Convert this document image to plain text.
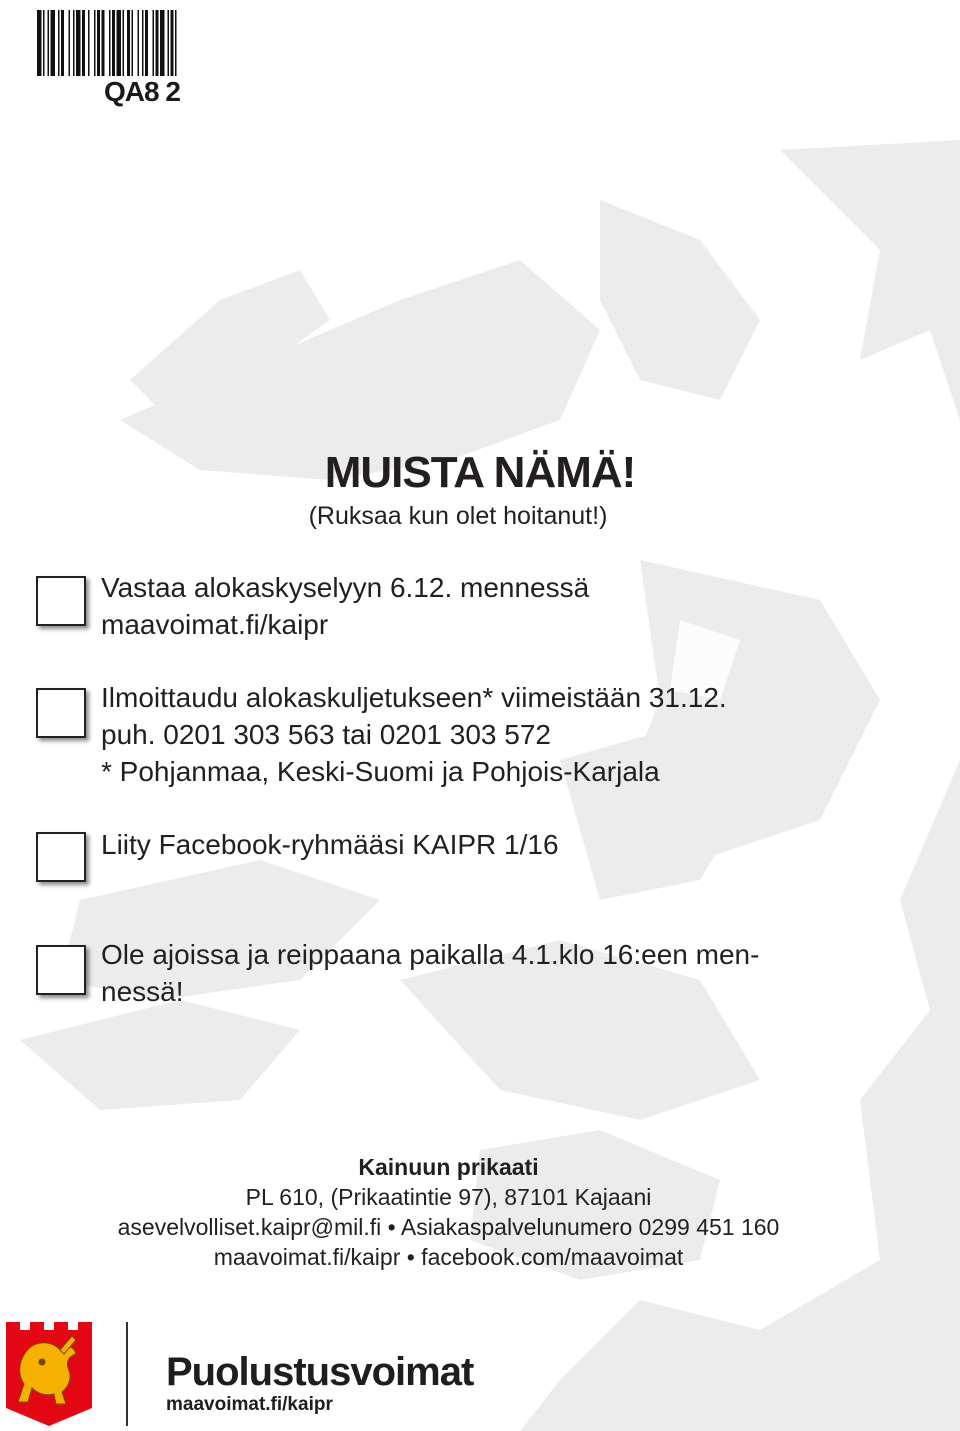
QA8 2
MUISTA NÄMÄ!
(Ruksaa kun olet hoitanut!)
Vastaa alokaskyselyyn 6.12. mennessä
maavoimat.fi/kaipr
Ilmoittaudu alokaskuljetukseen* viimeistään 31.12.
puh. 0201 303 563 tai 0201 303 572
* Pohjanmaa, Keski-Suomi ja Pohjois-Karjala
Liity Facebook-ryhmääsi KAIPR 1/16
Ole ajoissa ja reippaana paikalla 4.1.klo 16:een men-
nessä!
Kainuun prikaati
PL 610, (Prikaatintie 97), 87101 Kajaani
asevelvolliset.kaipr@mil.fi • Asiakaspalvelunumero 0299 451 160
maavoimat.fi/kaipr • facebook.com/maavoimat
Puolustusvoimat
maavoimat.fi/kaipr
